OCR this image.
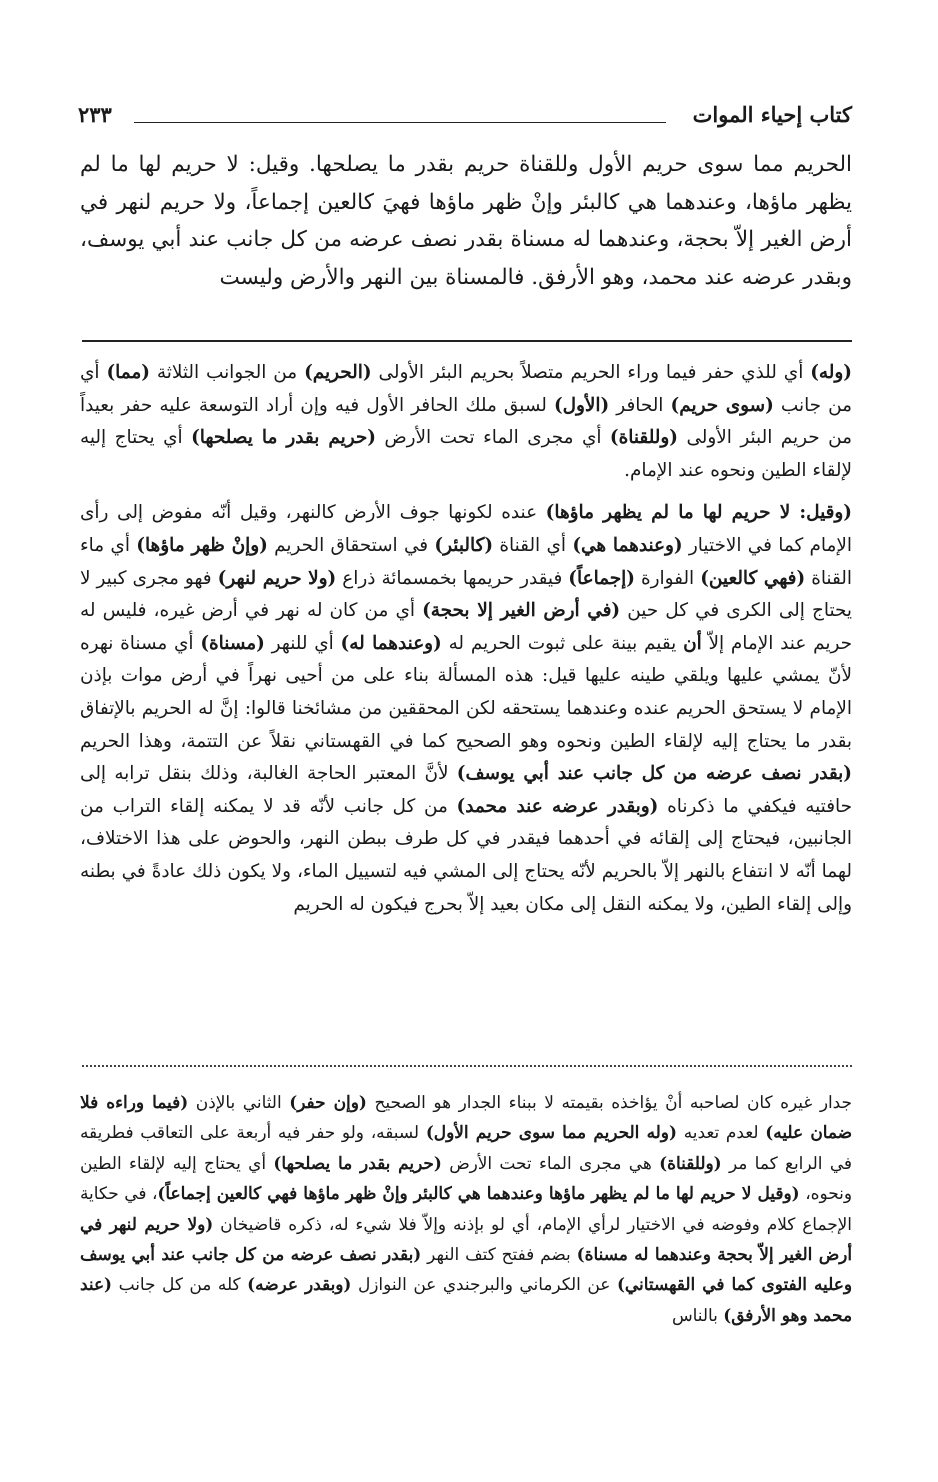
كتاب إحياء الموات
٢٣٣
الحريم مما سوى حريم الأول وللقناة حريم بقدر ما يصلحها. وقيل: لا حريم لها ما لم يظهر ماؤها، وعندهما هي كالبئر وإنْ ظهر ماؤها فهيَ كالعين إجماعاً، ولا حريم لنهر في أرض الغير إلاّ بحجة، وعندهما له مسناة بقدر نصف عرضه من كل جانب عند أبي يوسف، وبقدر عرضه عند محمد، وهو الأرفق. فالمسناة بين النهر والأرض وليست

(وله) أي للذي حفر فيما وراء الحريم متصلاً بحريم البئر الأولى (الحريم) من الجوانب الثلاثة (مما) أي من جانب (سوى حريم) الحافر (الأول) لسبق ملك الحافر الأول فيه وإن أراد التوسعة عليه حفر بعيداً من حريم البئر الأولى (وللقناة) أي مجرى الماء تحت الأرض (حريم بقدر ما يصلحها) أي يحتاج إليه لإلقاء الطين ونحوه عند الإمام.

(وقيل: لا حريم لها ما لم يظهر ماؤها) عنده لكونها جوف الأرض كالنهر، وقيل أنّه مفوض إلى رأى الإمام كما في الاختيار (وعندهما هي) أي القناة (كالبئر) في استحقاق الحريم (وإنْ ظهر ماؤها) أي ماء القناة (فهي كالعين) الفوارة (إجماعاً) فيقدر حريمها بخمسمائة ذراع (ولا حريم لنهر) فهو مجرى كبير لا يحتاج إلى الكرى في كل حين (في أرض الغير إلا بحجة) أي من كان له نهر في أرض غيره، فليس له حريم عند الإمام إلاّ أن يقيم بينة على ثبوت الحريم له (وعندهما له) أي للنهر (مسناة) أي مسناة نهره لأنّ يمشي عليها ويلقي طينه عليها قيل: هذه المسألة بناء على من أحيى نهراً في أرض موات بإذن الإمام لا يستحق الحريم عنده وعندهما يستحقه لكن المحققين من مشائخنا قالوا: إنَّ له الحريم بالإتفاق بقدر ما يحتاج إليه لإلقاء الطين ونحوه وهو الصحيح كما في القهستاني نقلاً عن التتمة، وهذا الحريم (بقدر نصف عرضه من كل جانب عند أبي يوسف) لأنَّ المعتبر الحاجة الغالبة، وذلك بنقل ترابه إلى حافتيه فيكفي ما ذكرناه (وبقدر عرضه عند محمد) من كل جانب لأنّه قد لا يمكنه إلقاء التراب من الجانبين، فيحتاج إلى إلقائه في أحدهما فيقدر في كل طرف ببطن النهر، والحوض على هذا الاختلاف، لهما أنّه لا انتفاع بالنهر إلاّ بالحريم لأنّه يحتاج إلى المشي فيه لتسييل الماء، ولا يكون ذلك عادةً في بطنه وإلى إلقاء الطين، ولا يمكنه النقل إلى مكان بعيد إلاّ بحرج فيكون له الحريم

جدار غيره كان لصاحبه أنْ يؤاخذه بقيمته لا ببناء الجدار هو الصحيح (وإن حفر) الثاني بالإذن (فيما وراءه فلا ضمان عليه) لعدم تعديه (وله الحريم مما سوى حريم الأول) لسبقه، ولو حفر فيه أربعة على التعاقب فطريقه في الرابع كما مر (وللقناة) هي مجرى الماء تحت الأرض (حريم بقدر ما يصلحها) أي يحتاج إليه لإلقاء الطين ونحوه، (وقيل لا حريم لها ما لم يظهر ماؤها وعندهما هي كالبئر وإنْ ظهر ماؤها فهي كالعين إجماعاً)، في حكاية الإجماع كلام وفوضه في الاختيار لرأي الإمام، أي لو بإذنه وإلاّ فلا شيء له، ذكره قاضيخان (ولا حريم لنهر في أرض الغير إلاّ بحجة وعندهما له مسناة) بضم ففتح كتف النهر (بقدر نصف عرضه من كل جانب عند أبي يوسف وعليه الفتوى كما في القهستاني) عن الكرماني والبرجندي عن النوازل (وبقدر عرضه) كله من كل جانب (عند محمد وهو الأرفق) بالناس
